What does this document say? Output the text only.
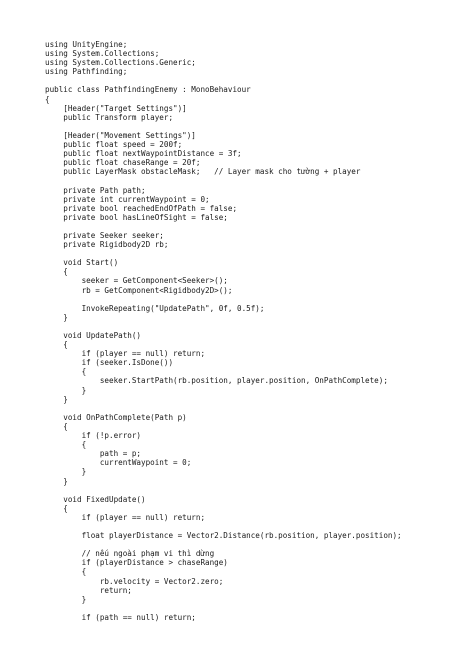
using UnityEngine;
using System.Collections;
using System.Collections.Generic;
using Pathfinding;
public class PathfindingEnemy : MonoBehaviour
{
[Header("Target Settings")]
public Transform player;
[Header("Movement Settings")]
public float speed = 200f;
public float nextWaypointDistance = 3f;
public float chaseRange = 20f;
public LayerMask obstacleMask;   // Layer mask cho tường + player
private Path path;
private int currentWaypoint = 0;
private bool reachedEndOfPath = false;
private bool hasLineOfSight = false;
private Seeker seeker;
private Rigidbody2D rb;
void Start()
{
seeker = GetComponent<Seeker>();
rb = GetComponent<Rigidbody2D>();
InvokeRepeating("UpdatePath", 0f, 0.5f);
}
void UpdatePath()
{
if (player == null) return;
if (seeker.IsDone())
{
seeker.StartPath(rb.position, player.position, OnPathComplete);
}
}
void OnPathComplete(Path p)
{
if (!p.error)
{
path = p;
currentWaypoint = 0;
}
}
void FixedUpdate()
{
if (player == null) return;
float playerDistance = Vector2.Distance(rb.position, player.position);
// nếu ngoài phạm vi thì dừng
if (playerDistance > chaseRange)
{
rb.velocity = Vector2.zero;
return;
}
if (path == null) return;
